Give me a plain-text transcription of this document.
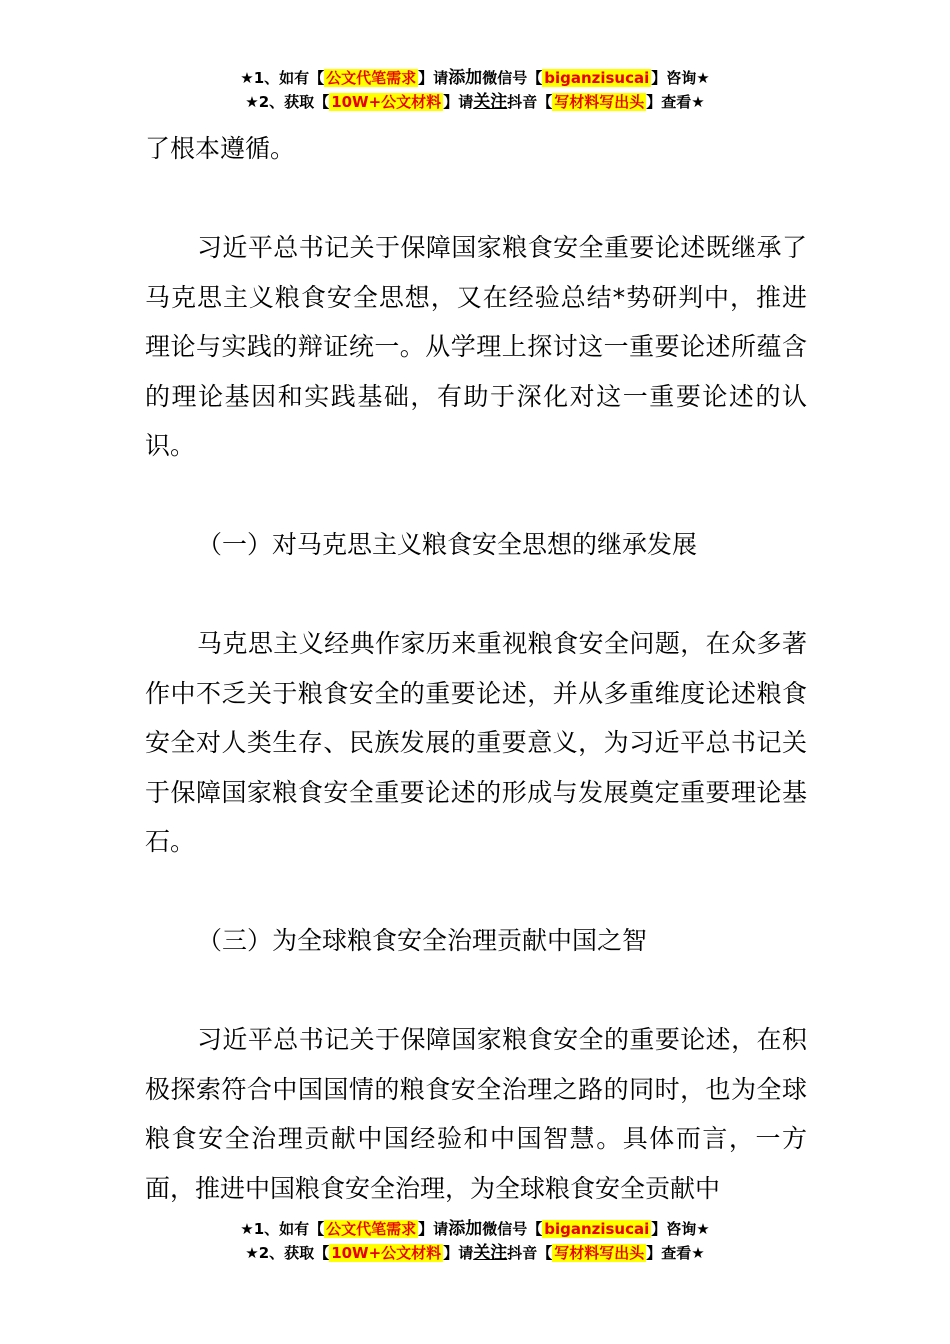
★1、如有【 公文代笔需求 】请添加微信号【 biganzisucai 】咨询★
★2、获取【 10W+公文材料 】请关注抖音【 写材料写出头 】查看★

了根本遵循。

习近平总书记关于保障国家粮食安全重要论述既继承了马克思主义粮食安全思想，又在经验总结*势研判中，推进理论与实践的辩证统一。从学理上探讨这一重要论述所蕴含的理论基因和实践基础，有助于深化对这一重要论述的认识。

（一）对马克思主义粮食安全思想的继承发展

马克思主义经典作家历来重视粮食安全问题，在众多著作中不乏关于粮食安全的重要论述，并从多重维度论述粮食安全对人类生存、民族发展的重要意义，为习近平总书记关于保障国家粮食安全重要论述的形成与发展奠定重要理论基石。

（三）为全球粮食安全治理贡献中国之智

习近平总书记关于保障国家粮食安全的重要论述，在积极探索符合中国国情的粮食安全治理之路的同时，也为全球粮食安全治理贡献中国经验和中国智慧。具体而言，一方面，推进中国粮食安全治理，为全球粮食安全贡献中

★1、如有【 公文代笔需求 】请添加微信号【 biganzisucai 】咨询★
★2、获取【 10W+公文材料 】请关注抖音【 写材料写出头 】查看★
